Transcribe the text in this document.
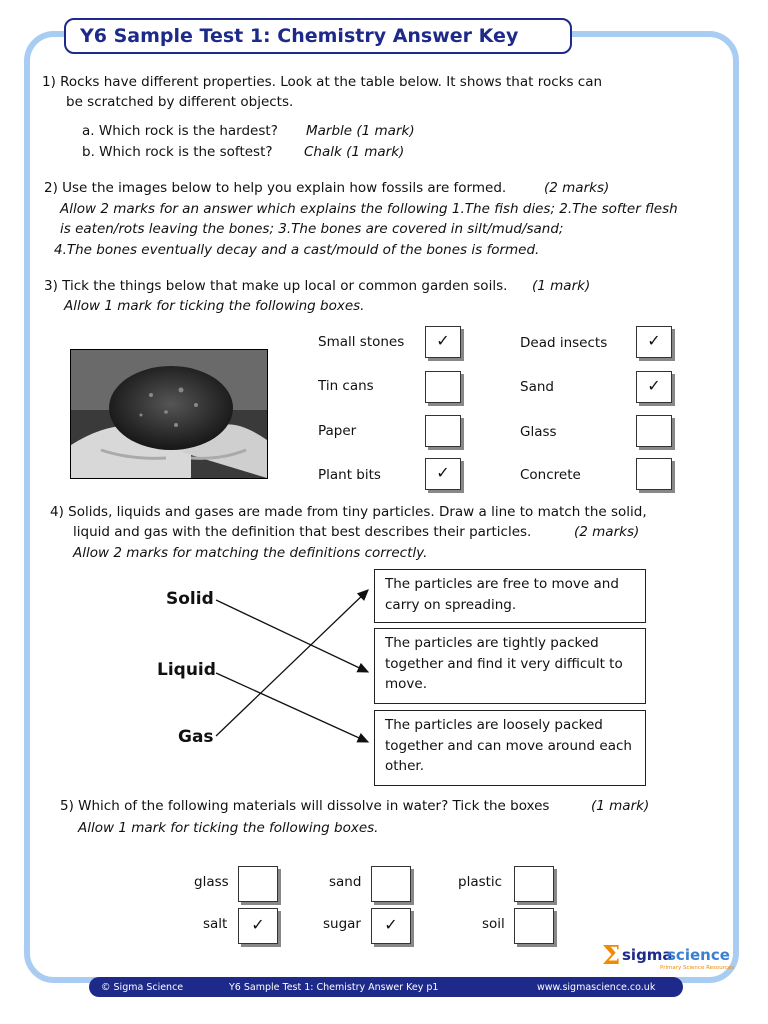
Y6 Sample Test 1: Chemistry Answer Key
1) Rocks have different properties. Look at the table below. It shows that rocks can
be scratched by different objects.
a. Which rock is the hardest? Marble (1 mark)
b. Which rock is the softest? Chalk (1 mark)
2) Use the images below to help you explain how fossils are formed.	(2 marks)
Allow 2 marks for an answer which explains the following 1.The fish dies; 2.The softer flesh
is eaten/rots leaving the bones; 3.The bones are covered in silt/mud/sand;
4.The bones eventually decay and a cast/mould of the bones is formed.
3) Tick the things below that make up local or common garden soils. (1 mark)
Allow 1 mark for ticking the following boxes.
Small stones	✓
Tin cans
Paper
Plant bits	✓
Dead insects	✓
Sand	✓
Glass
Concrete
4) Solids, liquids and gases are made from tiny particles. Draw a line to match the solid,
liquid and gas with the definition that best describes their particles.	(2 marks)
Allow 2 marks for matching the definitions correctly.
Solid
Liquid
Gas
The particles are free to move and carry on spreading.
The particles are tightly packed together and find it very difficult to move.
The particles are loosely packed together and can move around each other.
5) Which of the following materials will dissolve in water? Tick the boxes	(1 mark)
Allow 1 mark for ticking the following boxes.
glass	sand	plastic
salt	✓	sugar	✓	soil
Σ sigma
science
Primary Science Resources
© Sigma Science	Y6 Sample Test 1: Chemistry Answer Key p1	www.sigmascience.co.uk
